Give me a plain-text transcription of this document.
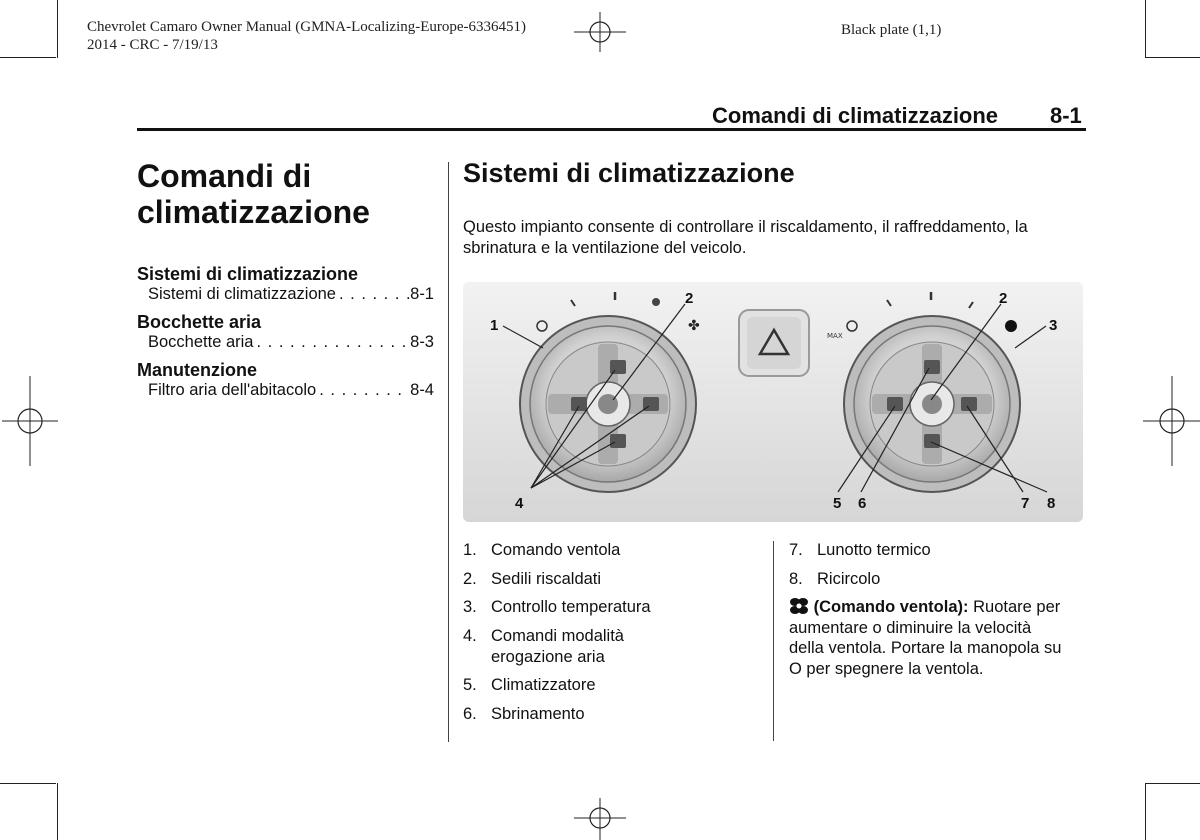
Chevrolet Camaro Owner Manual (GMNA-Localizing-Europe-6336451)
2014 - CRC - 7/19/13
Black plate (1,1)
Comandi di climatizzazione 8-1
Comandi di climatizzazione
Sistemi di climatizzazione
Sistemi di climatizzazione . . .	8-1
Bocchette aria
Bocchette aria . . .	8-3
Manutenzione
Filtro aria dell'abitacolo . . .	8-4
Sistemi di climatizzazione
Questo impianto consente di controllare il riscaldamento, il raffreddamento, la sbrinatura e la ventilazione del veicolo.
✤
MAX
1
2
3
4
2
5 6	7 8
1. Comando ventola
2. Sedili riscaldati
3. Controllo temperatura
4. Comandi modalità erogazione aria
5. Climatizzatore
6. Sbrinamento
7. Lunotto termico
8. Ricircolo
(Comando ventola): Ruotare per aumentare o diminuire la velocità della ventola. Portare la manopola su O per spegnere la ventola.
